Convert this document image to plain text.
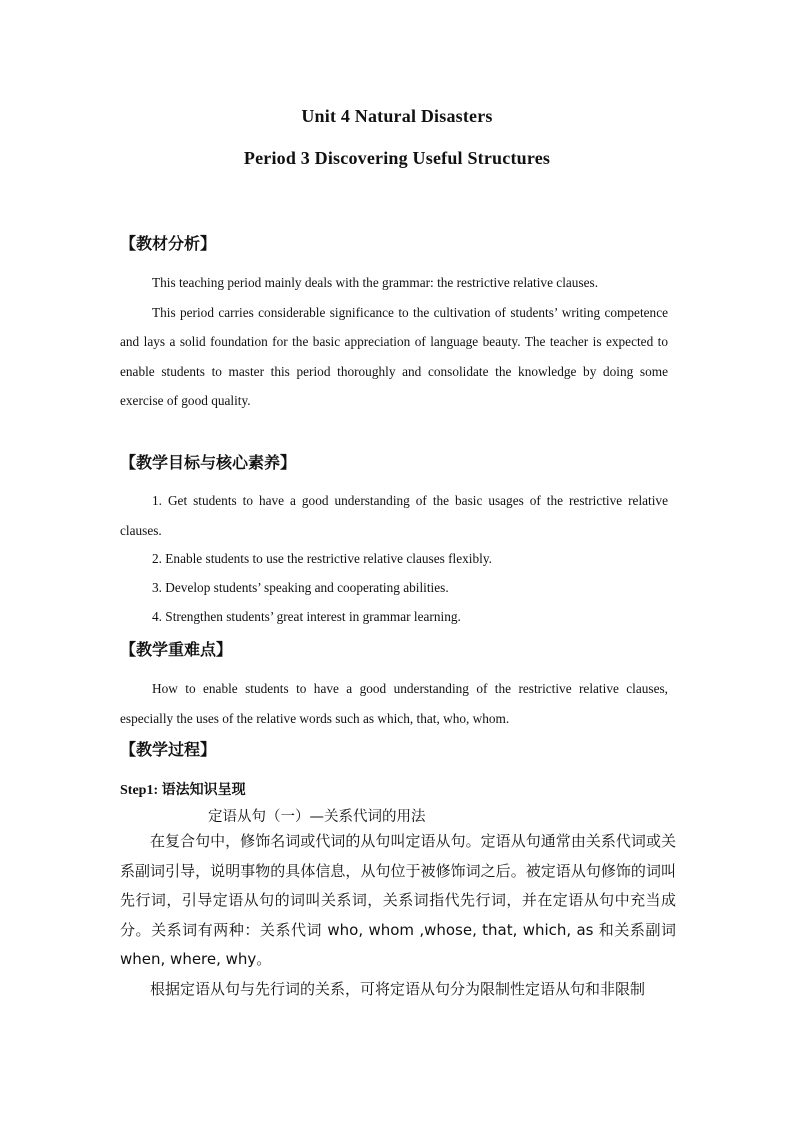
Unit 4 Natural Disasters
Period 3 Discovering Useful Structures
【教材分析】

This teaching period mainly deals with the grammar: the restrictive relative clauses.

This period carries considerable significance to the cultivation of students’ writing competence and lays a solid foundation for the basic appreciation of language beauty. The teacher is expected to enable students to master this period thoroughly and consolidate the knowledge by doing some exercise of good quality.

【教学目标与核心素养】
1. Get students to have a good understanding of the basic usages of the restrictive relative clauses.
2. Enable students to use the restrictive relative clauses flexibly.
3. Develop students’ speaking and cooperating abilities.
4. Strengthen students’ great interest in grammar learning.
【教学重难点】

How to enable students to have a good understanding of the restrictive relative clauses, especially the uses of the relative words such as which, that, who, whom.

【教学过程】
Step1: 语法知识呈现
定语从句（一）—关系代词的用法

在复合句中，修饰名词或代词的从句叫定语从句。定语从句通常由关系代词或关系副词引导，说明事物的具体信息，从句位于被修饰词之后。被定语从句修饰的词叫先行词，引导定语从句的词叫关系词，关系词指代先行词，并在定语从句中充当成分。关系词有两种：关系代词 who, whom ,whose, that, which, as 和关系副词 when, where, why。

根据定语从句与先行词的关系，可将定语从句分为限制性定语从句和非限制
